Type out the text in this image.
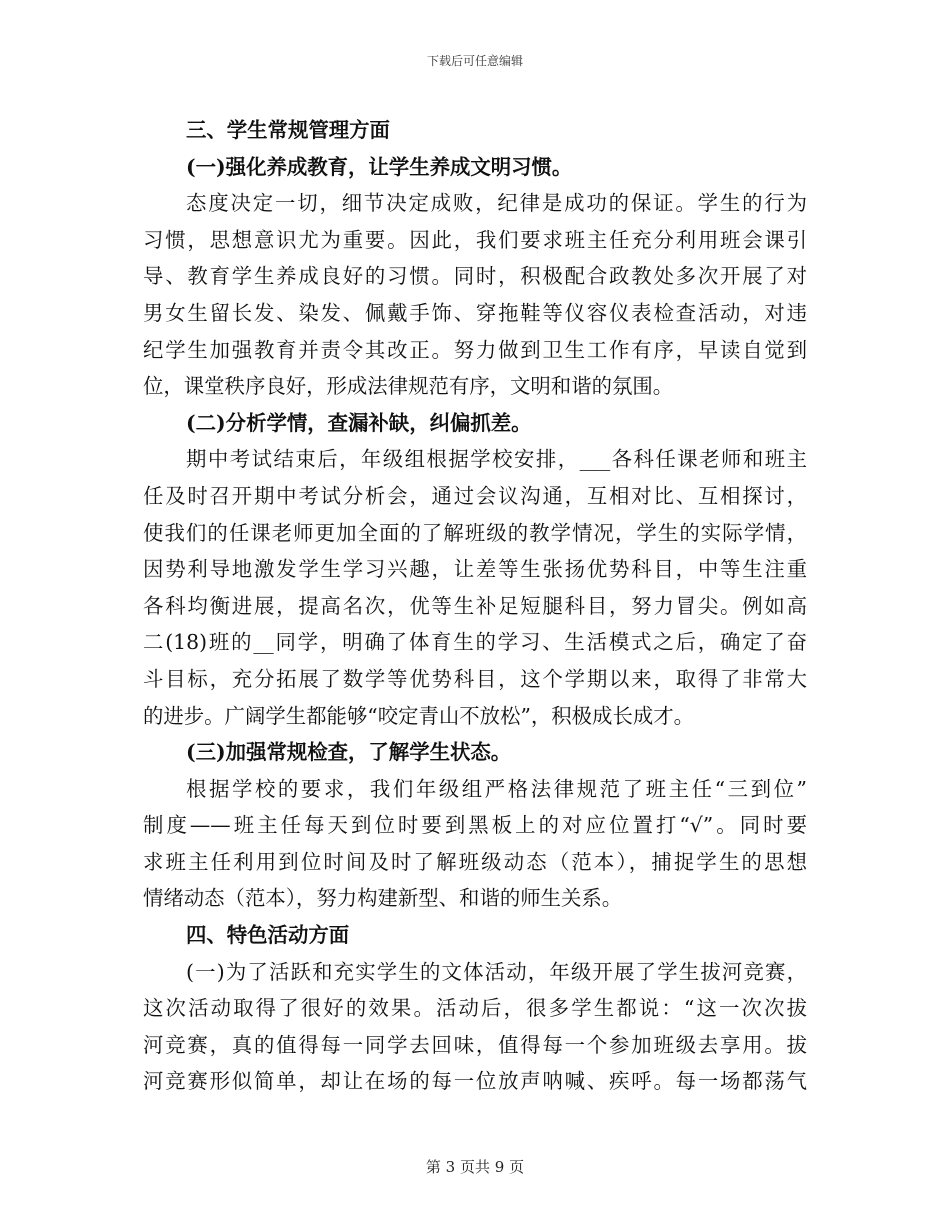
下载后可任意编辑
三、学生常规管理方面
(一)强化养成教育，让学生养成文明习惯。
态度决定一切，细节决定成败，纪律是成功的保证。学生的行为
习惯，思想意识尤为重要。因此，我们要求班主任充分利用班会课引
导、教育学生养成良好的习惯。同时，积极配合政教处多次开展了对
男女生留长发、染发、佩戴手饰、穿拖鞋等仪容仪表检查活动，对违
纪学生加强教育并责令其改正。努力做到卫生工作有序，早读自觉到
位，课堂秩序良好，形成法律规范有序，文明和谐的氛围。
(二)分析学情，查漏补缺，纠偏抓差。
期中考试结束后，年级组根据学校安排，___各科任课老师和班主
任及时召开期中考试分析会，通过会议沟通，互相对比、互相探讨，
使我们的任课老师更加全面的了解班级的教学情况，学生的实际学情，
因势利导地激发学生学习兴趣，让差等生张扬优势科目，中等生注重
各科均衡进展，提高名次，优等生补足短腿科目，努力冒尖。例如高
二(18)班的__同学，明确了体育生的学习、生活模式之后，确定了奋
斗目标，充分拓展了数学等优势科目，这个学期以来，取得了非常大
的进步。广阔学生都能够“咬定青山不放松”，积极成长成才。
(三)加强常规检查，了解学生状态。
根据学校的要求，我们年级组严格法律规范了班主任“三到位”
制度——班主任每天到位时要到黑板上的对应位置打“√”。同时要
求班主任利用到位时间及时了解班级动态（范本），捕捉学生的思想
情绪动态（范本），努力构建新型、和谐的师生关系。
四、特色活动方面
(一)为了活跃和充实学生的文体活动，年级开展了学生拔河竞赛，
这次活动取得了很好的效果。活动后，很多学生都说：“这一次次拔
河竞赛，真的值得每一同学去回味，值得每一个参加班级去享用。拔
河竞赛形似简单，却让在场的每一位放声呐喊、疾呼。每一场都荡气
第 3 页共 9 页
